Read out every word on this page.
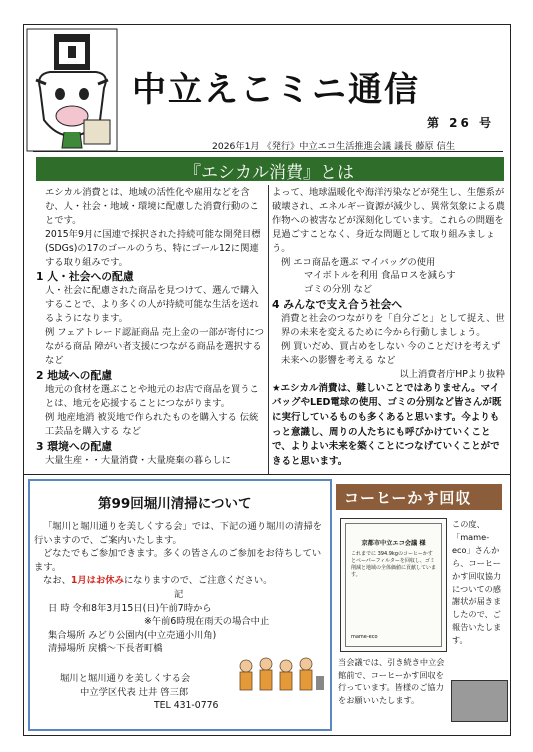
中立えこミニ通信
第 26 号
2026年1月 《発行》中立エコ生活推進会議 議長 藤原 信生
『エシカル消費』とは

エシカル消費とは、地域の活性化や雇用などを含む、人・社会・地域・環境に配慮した消費行動のことです。

2015年9月に国連で採択された持続可能な開発目標(SDGs)の17のゴールのうち、特にゴール12に関連する取り組みです。

1 人・社会への配慮

人・社会に配慮された商品を見つけて、選んで購入することで、より多くの人が持続可能な生活を送れるようになります。

例 フェアトレード認証商品 売上金の一部が寄付につながる商品 障がい者支援につながる商品を選択する など

2 地域への配慮

地元の食材を選ぶことや地元のお店で商品を買うことは、地元を応援することにつながります。

例 地産地消 被災地で作られたものを購入する 伝統工芸品を購入する など

3 環境への配慮

大量生産・・大量消費・大量廃棄の暮らしに

よって、地球温暖化や海洋汚染などが発生し、生態系が破壊され、エネルギー資源が減少し、異常気象による農作物への被害などが深刻化しています。これらの問題を見過ごすことなく、身近な問題として取り組みましょう。

例 エコ商品を選ぶ マイバッグの使用

マイボトルを利用 食品ロスを減らす

ゴミの分別 など

4 みんなで支え合う社会へ

消費と社会のつながりを「自分ごと」として捉え、世界の未来を変えるために今から行動しましょう。

例 買いだめ、買占めをしない 今のことだけを考えず未来への影響を考える など

以上消費者庁HPより抜粋

★エシカル消費は、難しいことではありません。マイバッグやLED電球の使用、ゴミの分別など皆さんが既に実行しているものも多くあると思います。今よりもっと意識し、周りの人たちにも呼びかけていくことで、よりよい未来を築くことにつなげていくことができると思います。

第99回堀川清掃について

「堀川と堀川通りを美しくする会」では、下記の通り堀川の清掃を行いますので、ご案内いたします。

どなたでもご参加できます。多くの皆さんのご参加をお待ちしています。

なお、1月はお休みになりますので、ご注意ください。

記

日 時 令和8年3月15日(日)午前7時から

※午前6時現在雨天の場合中止

集合場所 みどり公園内(中立売通小川角)

清掃場所 戻橋～下長者町橋

堀川と堀川通りを美しくする会

中立学区代表 辻井 啓三郎

TEL 431-0776

コーヒーかす回収
京都市中立エコ会議 様
これまでに 394.9kgのコーヒーかすとペーパーフィルターを回収し、ゴミ削減と地域の全体価値に貢献しています。
mame-eco
この度、「mame-eco」さんから、コーヒーかす回収協力についての感謝状が届きましたので、ご報告いたします。
当会議では、引き続き中立会館前で、コーヒーかす回収を行っています。皆様のご協力をお願いいたします。
